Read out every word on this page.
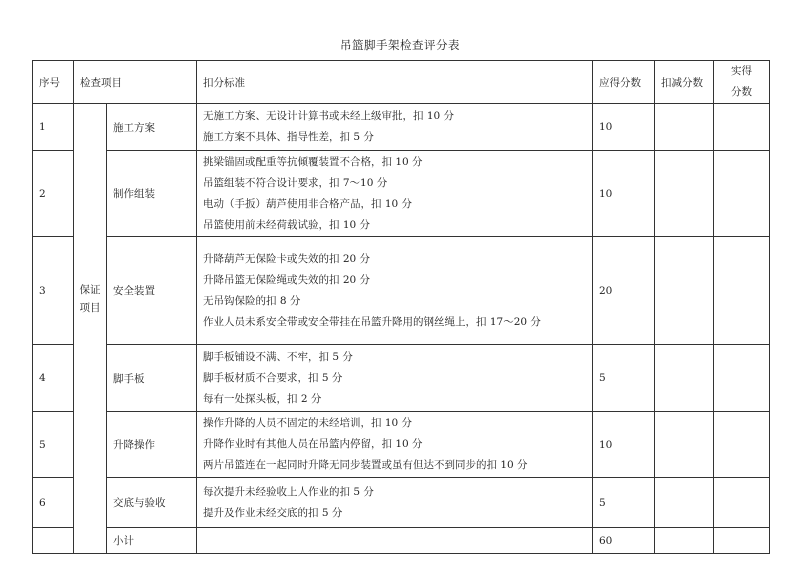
吊篮脚手架检查评分表
序号	检查项目		扣分标准	应得分数	扣减分数	实得
分数

1	保证项目	施工方案	无施工方案、无设计计算书或未经上级审批，扣 10 分
施工方案不具体、指导性差，扣 5 分	10		
2		制作组装	挑梁锚固或配重等抗倾覆装置不合格，扣 10 分
吊篮组装不符合设计要求，扣 7～10 分
电动（手扳）葫芦使用非合格产品，扣 10 分
吊篮使用前未经荷载试验，扣 10 分	10		
3		安全装置	升降葫芦无保险卡或失效的扣 20 分
升降吊篮无保险绳或失效的扣 20 分
无吊钩保险的扣 8 分
作业人员未系安全带或安全带挂在吊篮升降用的钢丝绳上，扣 17～20 分	20		
4		脚手板	脚手板铺设不满、不牢，扣 5 分
脚手板材质不合要求，扣 5 分
每有一处探头板，扣 2 分	5		
5		升降操作	操作升降的人员不固定的未经培训，扣 10 分
升降作业时有其他人员在吊篮内停留，扣 10 分
两片吊篮连在一起同时升降无同步装置或虽有但达不到同步的扣 10 分	10		
6		交底与验收	每次提升未经验收上人作业的扣 5 分
提升及作业未经交底的扣 5 分	5		
		小计		60		
